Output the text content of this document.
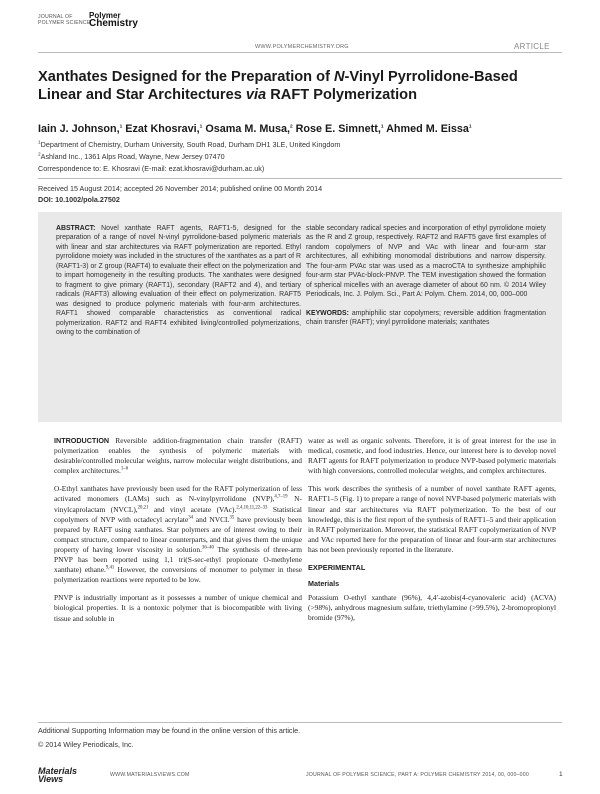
JOURNAL OF
POLYMER SCIENCE
Polymer
Chemistry
WWW.POLYMERCHEMISTRY.ORG	ARTICLE
Xanthates Designed for the Preparation of N-Vinyl Pyrrolidone-Based Linear and Star Architectures via RAFT Polymerization
Iain J. Johnson,$^1$ Ezat Khosravi,$^1$ Osama M. Musa,$^2$ Rose E. Simnett,$^1$ Ahmed M. Eissa$^1$
$^1$Department of Chemistry, Durham University, South Road, Durham DH1 3LE, United Kingdom
$^2$Ashland Inc., 1361 Alps Road, Wayne, New Jersey 07470
Correspondence to: E. Khosravi (E-mail: ezat.khosravi@durham.ac.uk)
Received 15 August 2014; accepted 26 November 2014; published online 00 Month 2014
DOI: 10.1002/pola.27502
ABSTRACT: Novel xanthate RAFT agents, RAFT1-5, designed for the preparation of a range of novel N-vinyl pyrrolidone-based polymeric materials with linear and star architectures via RAFT polymerization are reported. Ethyl pyrrolidone moiety was included in the structures of the xanthates as a part of R (RAFT1-3) or Z group (RAFT4) to evaluate their effect on the polymerization and to impart homogeneity in the resulting products. The xanthates were designed to fragment to give primary (RAFT1), secondary (RAFT2 and 4), and tertiary radicals (RAFT3) allowing evaluation of their effect on polymerization. RAFT5 was designed to produce polymeric materials with four-arm architectures. RAFT1 showed comparable characteristics as conventional radical polymerization. RAFT2 and RAFT4 exhibited living/controlled polymerizations, owing to the combination of
stable secondary radical species and incorporation of ethyl pyrrolidone moiety as the R and Z group, respectively. RAFT2 and RAFT5 gave first examples of random copolymers of NVP and VAc with linear and four-arm star architectures, all exhibiting monomodal distributions and narrow dispersity. The four-arm PVAc star was used as a macroCTA to synthesize amphiphilic four-arm star PVAc-block-PNVP. The TEM investigation showed the formation of spherical micelles with an average diameter of about 60 nm. © 2014 Wiley Periodicals, Inc. J. Polym. Sci., Part A: Polym. Chem. 2014, 00, 000–000
KEYWORDS: amphiphilic star copolymers; reversible addition fragmentation chain transfer (RAFT); vinyl pyrrolidone materials; xanthates

INTRODUCTION Reversible addition-fragmentation chain transfer (RAFT) polymerization enables the synthesis of polymeric materials with desirable/controlled molecular weights, narrow molecular weight distributions, and complex architectures.$^{1-6}$

O-Ethyl xanthates have previously been used for the RAFT polymerization of less activated monomers (LAMs) such as N-vinylpyrrolidone (NVP),$^{4,7-19}$ N-vinylcaprolactam (NVCL),$^{20,21}$ and vinyl acetate (VAc).$^{2,4,10,11,22-33}$ Statistical copolymers of NVP with octadecyl acrylate$^{34}$ and NVCL$^{35}$ have previously been prepared by RAFT using xanthates. Star polymers are of interest owing to their compact structure, compared to linear counterparts, and that gives them the unique property of having lower viscosity in solution.$^{36-40}$ The synthesis of three-arm PNVP has been reported using 1,1 tri(S-sec-ethyl propionate O-methylene xanthate) ethane.$^{9,41}$ However, the conversions of monomer to polymer in these polymerization reactions were reported to be low.

PNVP is industrially important as it possesses a number of unique chemical and biological properties. It is a nontoxic polymer that is biocompatible with living tissue and soluble in

water as well as organic solvents. Therefore, it is of great interest for the use in medical, cosmetic, and food industries. Hence, our interest here is to develop novel RAFT agents for RAFT polymerization to produce NVP-based polymeric materials with high conversions, controlled molecular weights, and complex architectures.

This work describes the synthesis of a number of novel xanthate RAFT agents, RAFT1–5 (Fig. 1) to prepare a range of novel NVP-based polymeric materials with linear and star architectures via RAFT polymerization. To the best of our knowledge, this is the first report of the synthesis of RAFT1–5 and their application in RAFT polymerization. Moreover, the statistical RAFT copolymerization of NVP and VAc reported here for the preparation of linear and four-arm star architectures has not been previously reported in the literature.

EXPERIMENTAL
Materials

Potassium O-ethyl xanthate (96%), 4,4′-azobis(4-cyanovaleric acid) (ACVA) (>98%), anhydrous magnesium sulfate, triethylamine (>99.5%), 2-bromopropionyl bromide (97%),

Additional Supporting Information may be found in the online version of this article.
© 2014 Wiley Periodicals, Inc.
Materials
Views	WWW.MATERIALSVIEWS.COM	JOURNAL OF POLYMER SCIENCE, PART A: POLYMER CHEMISTRY 2014, 00, 000–000	1
